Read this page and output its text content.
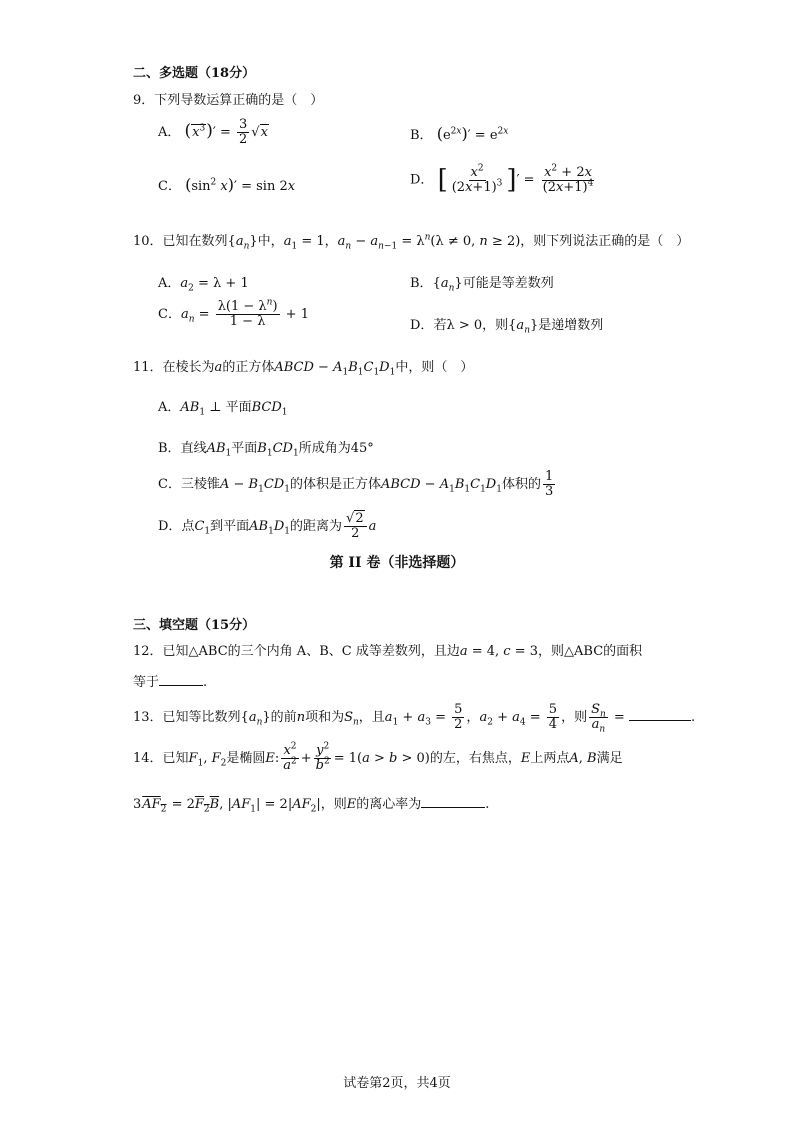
二、多选题（18分）
9．下列导数运算正确的是（　）
A． $(x^3)' = \frac{3}{2} √x$	B． $(e^{2x})' = e^{2x}$
C． ($\sin^2$ x)′ = sin 2x	D． [ $\frac{x^2}{(2x+1)^3}$ ]′ = $\frac{x^2 + 2x}{(2x+1)^4}$
10．已知在数列$\{a_n\}$中，$a_1 = 1$，$a_n - a_{n-1} = \lambda^n(\lambda \ne 0$, n ≥ 2)，则下列说法正确的是（　）
A．$a_2 = \lambda + 1$	B．$\{a_n\}$可能是等差数列
C．$a_n = \frac{\lambda(1 - \lambda^n)}{1 - \lambda} + 1$
D．若λ > 0，则$\{a_n\}$是递增数列
11．在棱长为a的正方体ABCD − $A_1B_1C_1D_1$中，则（　）
A．$AB_1$ ⊥ 平面$BCD_1$
B．直线$AB_1$平面$B_1CD_1$所成角为45°
C．三棱锥$A - B_1CD_1$的体积是正方体ABCD − $A_1B_1C_1D_1$体积的 $\frac{1}{3}$
D．点$C_1$到平面$AB_1D_1$的距离为 $\frac{√2}{2}$ a
第 II 卷（非选择题）
三、填空题（15分）
12．已知△ABC的三个内角 A、B、C 成等差数列，且边a = 4, c = 3，则△ABC的面积
等于	.
13．已知等比数列$\{a_n\}$的前n项和为$S_n$，且$a_1 + a_3 = \frac{5}{2}$ ，$a_2 + a_4 = \frac{5}{4}$ ，则 $\frac{S_n}{a_n}$ =	.
14．已知$F_1$, $F_2$是椭圆E: $\frac{x^2}{a^2} + \frac{y^2}{b^2} = 1(a > b > 0)$的左，右焦点，E上两点A, B满足
$3AF_2 = 2F_2B$, $|AF_1| = 2|AF_2|$，则E的离心率为	.
试卷第2页，共4页
